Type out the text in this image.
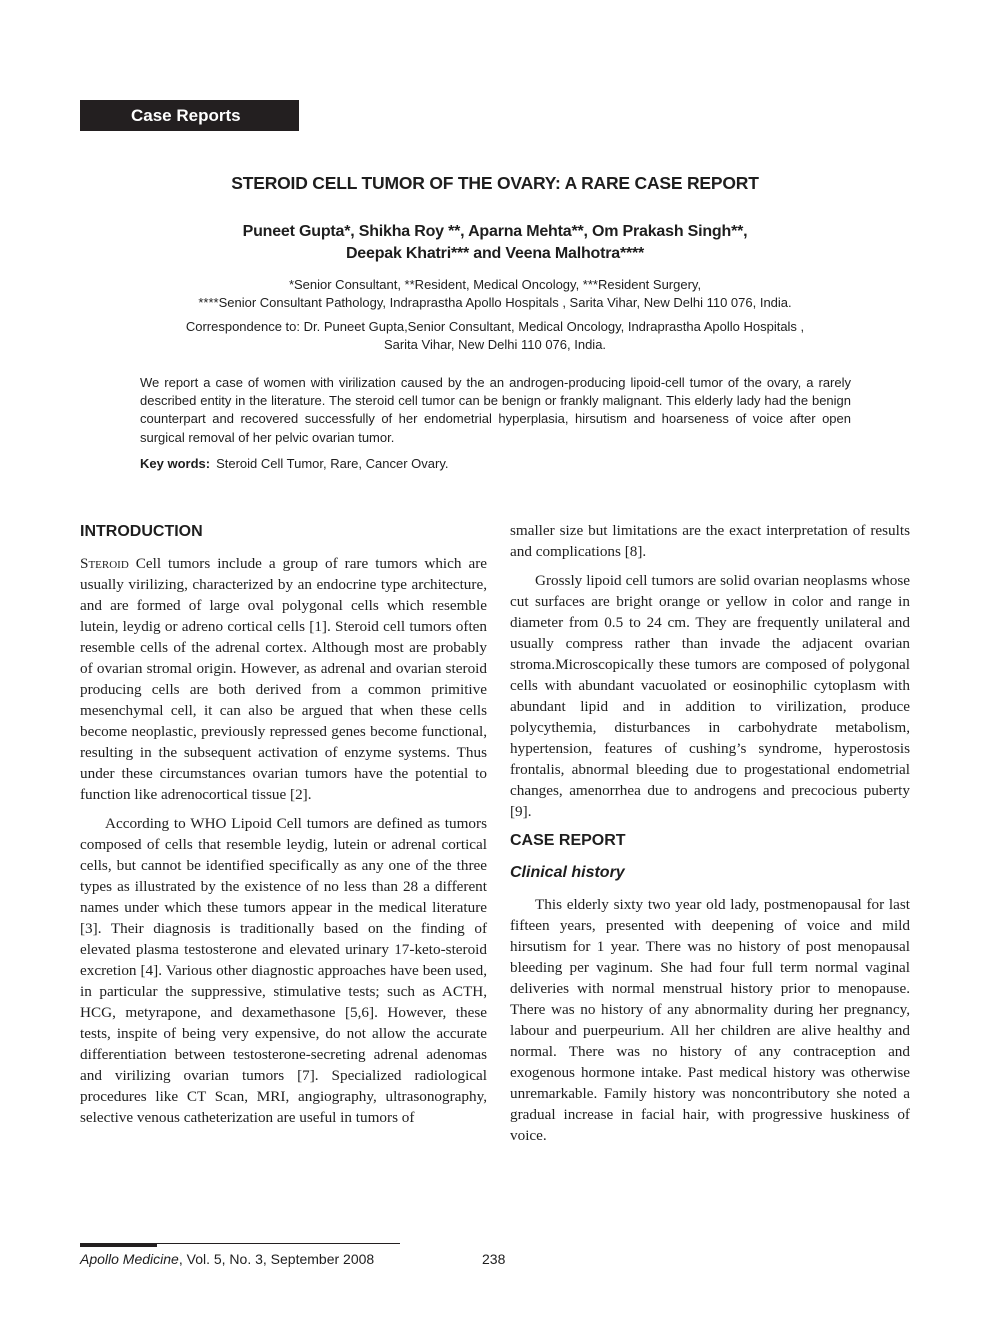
Case Reports
STEROID CELL TUMOR OF THE OVARY: A RARE CASE REPORT
Puneet Gupta*, Shikha Roy **, Aparna Mehta**, Om Prakash Singh**,
Deepak Khatri*** and Veena Malhotra****
*Senior Consultant, **Resident, Medical Oncology, ***Resident Surgery,
****Senior Consultant Pathology, Indraprastha Apollo Hospitals , Sarita Vihar, New Delhi 110 076, India.
Correspondence to: Dr. Puneet Gupta,Senior Consultant, Medical Oncology, Indraprastha Apollo Hospitals ,
Sarita Vihar, New Delhi 110 076, India.

We report a case of women with virilization caused by the an androgen-producing lipoid-cell tumor of the ovary, a rarely described entity in the literature. The steroid cell tumor can be benign or frankly malignant. This elderly lady had the benign counterpart and recovered successfully of her endometrial hyperplasia, hirsutism and hoarseness of voice after open surgical removal of her pelvic ovarian tumor.

Key words: Steroid Cell Tumor, Rare, Cancer Ovary.
INTRODUCTION

Steroid Cell tumors include a group of rare tumors which are usually virilizing, characterized by an endocrine type architecture, and are formed of large oval polygonal cells which resemble lutein, leydig or adreno cortical cells [1]. Steroid cell tumors often resemble cells of the adrenal cortex. Although most are probably of ovarian stromal origin. However, as adrenal and ovarian steroid producing cells are both derived from a common primitive mesenchymal cell, it can also be argued that when these cells become neoplastic, previously repressed genes become functional, resulting in the subsequent activation of enzyme systems. Thus under these circumstances ovarian tumors have the potential to function like adrenocortical tissue [2].

According to WHO Lipoid Cell tumors are defined as tumors composed of cells that resemble leydig, lutein or adrenal cortical cells, but cannot be identified specifically as any one of the three types as illustrated by the existence of no less than 28 a different names under which these tumors appear in the medical literature [3]. Their diagnosis is traditionally based on the finding of elevated plasma testosterone and elevated urinary 17-keto-steroid excretion [4]. Various other diagnostic approaches have been used, in particular the suppressive, stimulative tests; such as ACTH, HCG, metyrapone, and dexamethasone [5,6]. However, these tests, inspite of being very expensive, do not allow the accurate differentiation between testosterone-secreting adrenal adenomas and virilizing ovarian tumors [7]. Specialized radiological procedures like CT Scan, MRI, angiography, ultrasonography, selective venous catheterization are useful in tumors of

smaller size but limitations are the exact interpretation of results and complications [8].

Grossly lipoid cell tumors are solid ovarian neoplasms whose cut surfaces are bright orange or yellow in color and range in diameter from 0.5 to 24 cm. They are frequently unilateral and usually compress rather than invade the adjacent ovarian stroma.Microscopically these tumors are composed of polygonal cells with abundant vacuolated or eosinophilic cytoplasm with abundant lipid and in addition to virilization, produce polycythemia, disturbances in carbohydrate metabolism, hypertension, features of cushing’s syndrome, hyperostosis frontalis, abnormal bleeding due to progestational endometrial changes, amenorrhea due to androgens and precocious puberty [9].

CASE REPORT
Clinical history

This elderly sixty two year old lady, postmenopausal for last fifteen years, presented with deepening of voice and mild hirsutism for 1 year. There was no history of post menopausal bleeding per vaginum. She had four full term normal vaginal deliveries with normal menstrual history prior to menopause. There was no history of any abnormality during her pregnancy, labour and puerpeurium. All her children are alive healthy and normal. There was no history of any contraception and exogenous hormone intake. Past medical history was otherwise unremarkable. Family history was noncontributory she noted a gradual increase in facial hair, with progressive huskiness of voice.

Apollo Medicine, Vol. 5, No. 3, September 2008	238
